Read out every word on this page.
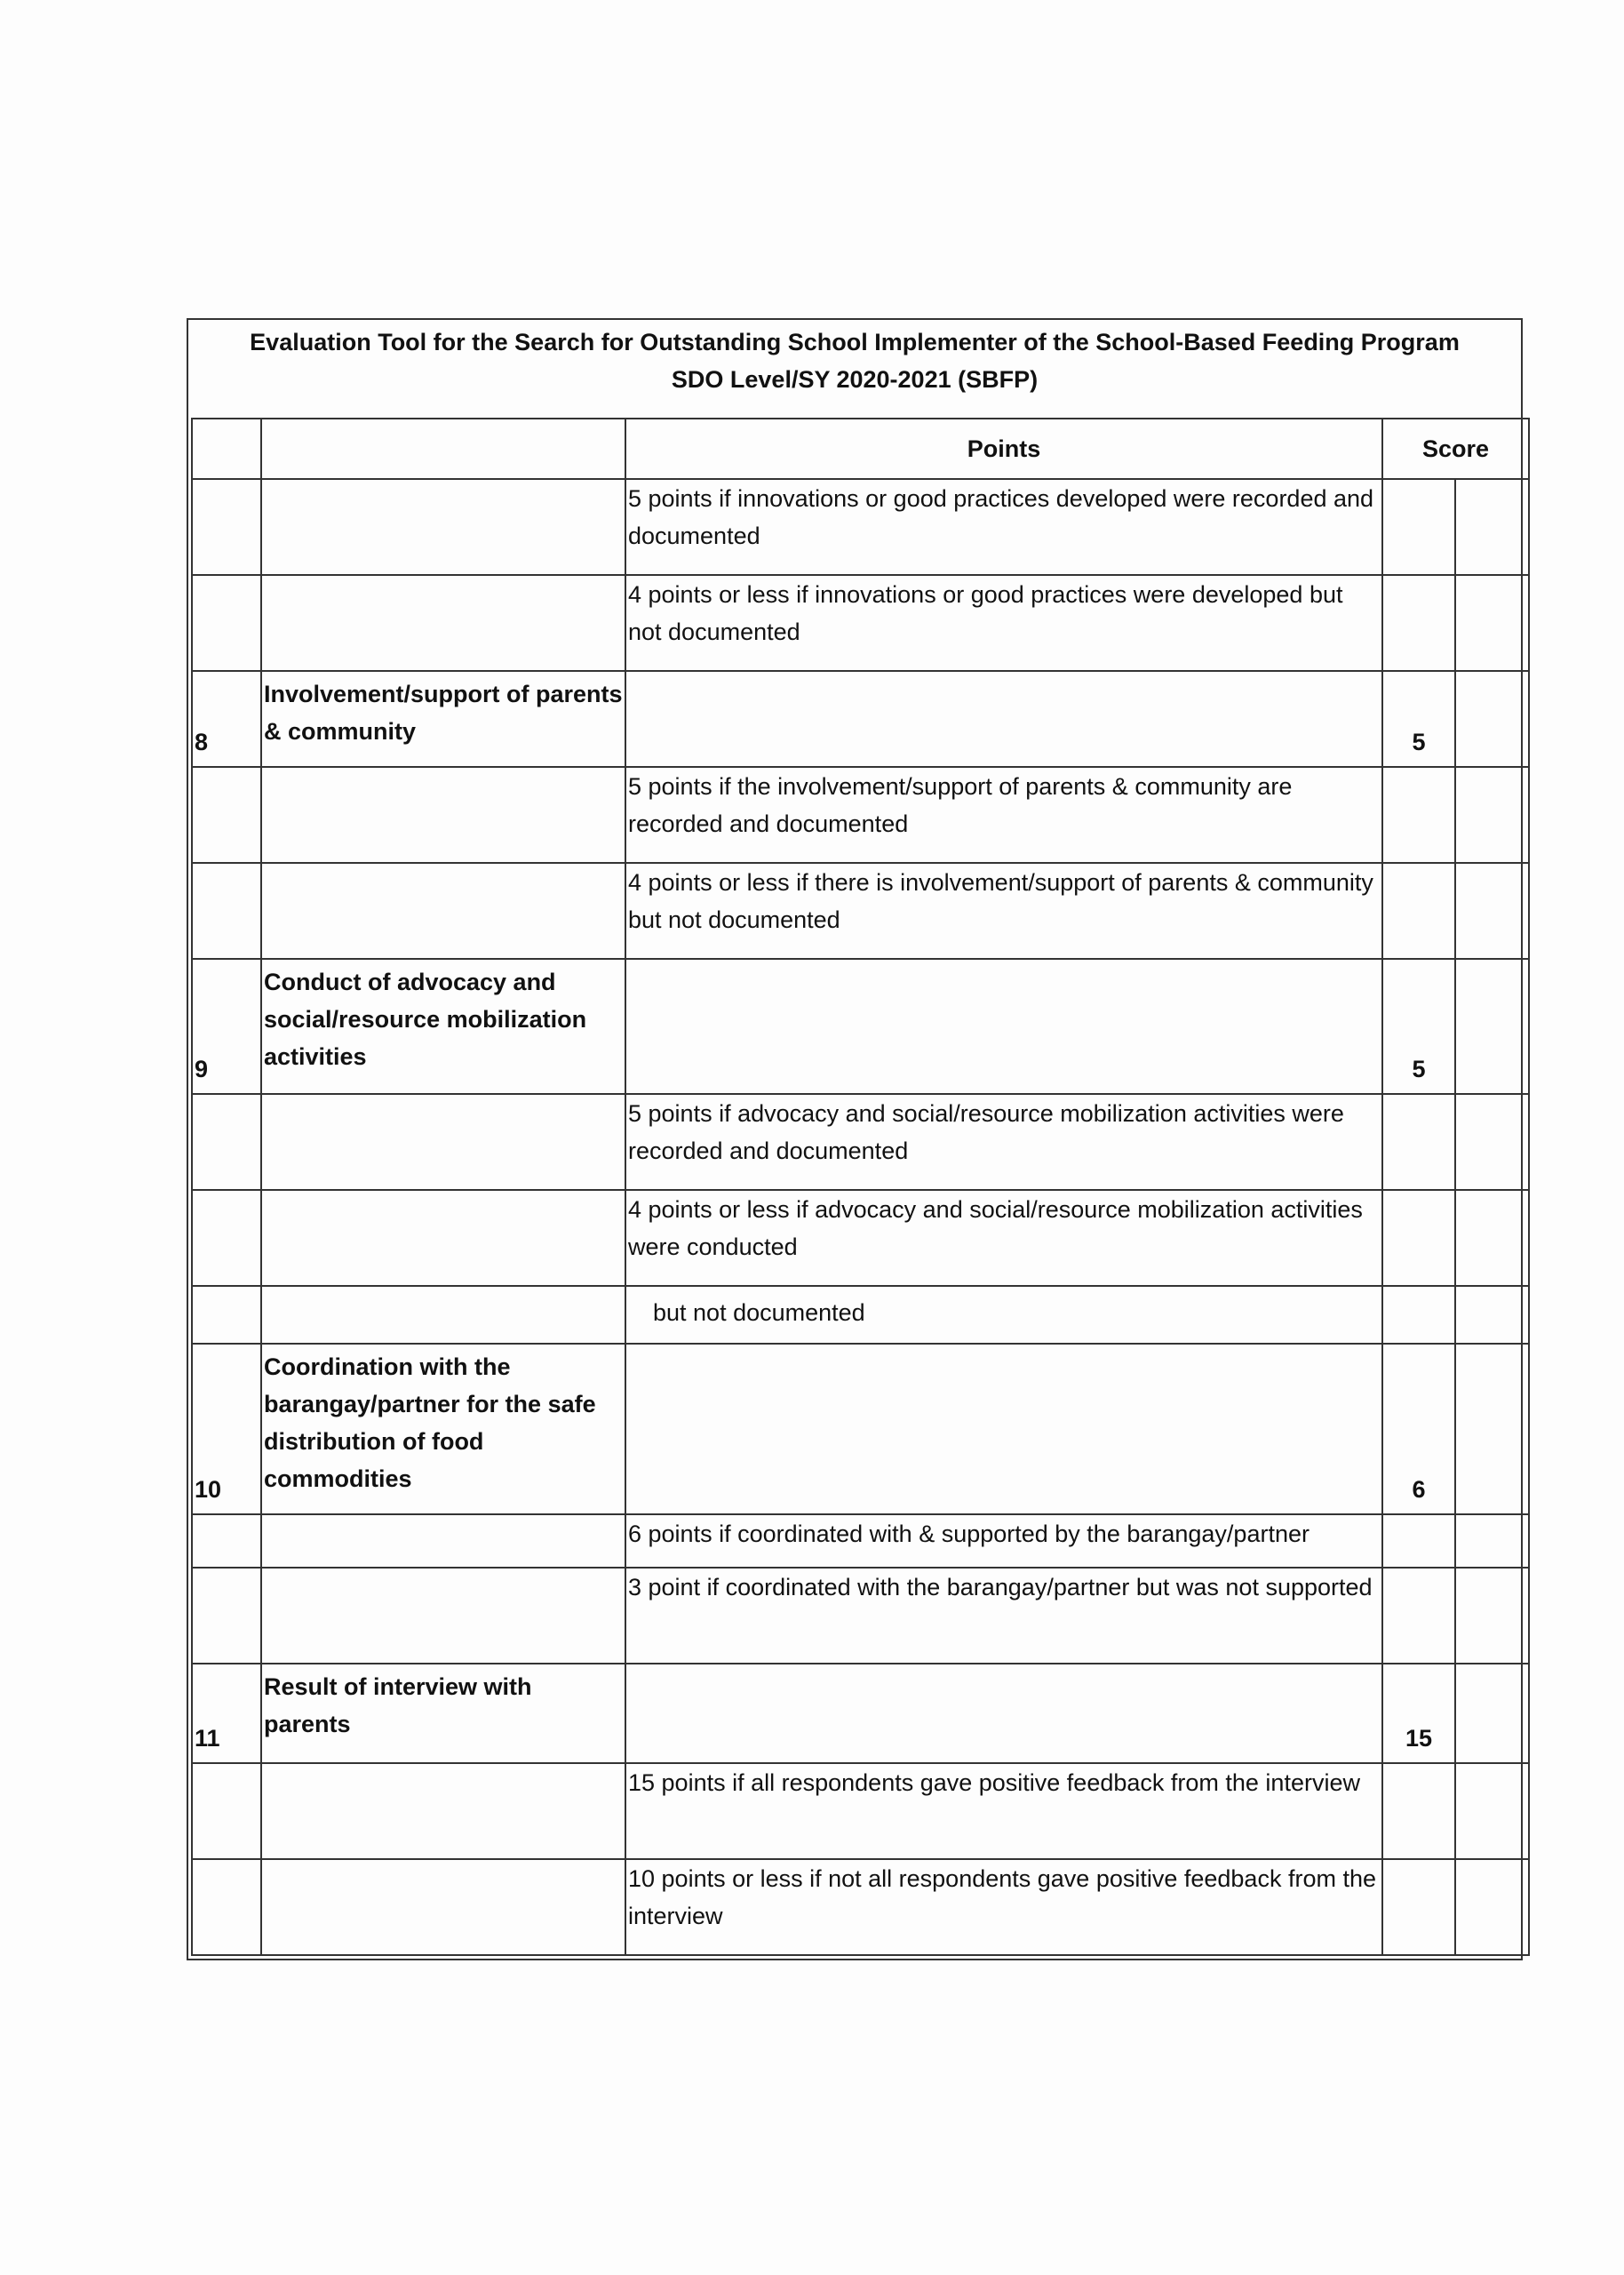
Evaluation Tool for the Search for Outstanding School Implementer of the School-Based Feeding Program
SDO Level/SY 2020-2021 (SBFP)
		Points	Score	
		5 points if innovations or good practices developed were recorded and documented		
		4 points or less if innovations or good practices were developed but not documented		
8	Involvement/support of parents & community		5	
		5 points if the involvement/support of parents & community are recorded and documented		
		4 points or less if there is involvement/support of parents & community but not documented		
9	Conduct of advocacy and social/resource mobilization activities		5	
		5 points if advocacy and social/resource mobilization activities were recorded and documented		
		4 points or less if advocacy and social/resource mobilization activities were conducted		
		but not documented		
10	Coordination with the barangay/partner for the safe distribution of food commodities		6	
		6 points if coordinated with & supported by the barangay/partner		
		3 point if coordinated with the barangay/partner but was not supported		
11	Result of interview with parents		15	
		15 points if all respondents gave positive feedback from the interview		
		10 points or less if not all respondents gave positive feedback from the interview		
